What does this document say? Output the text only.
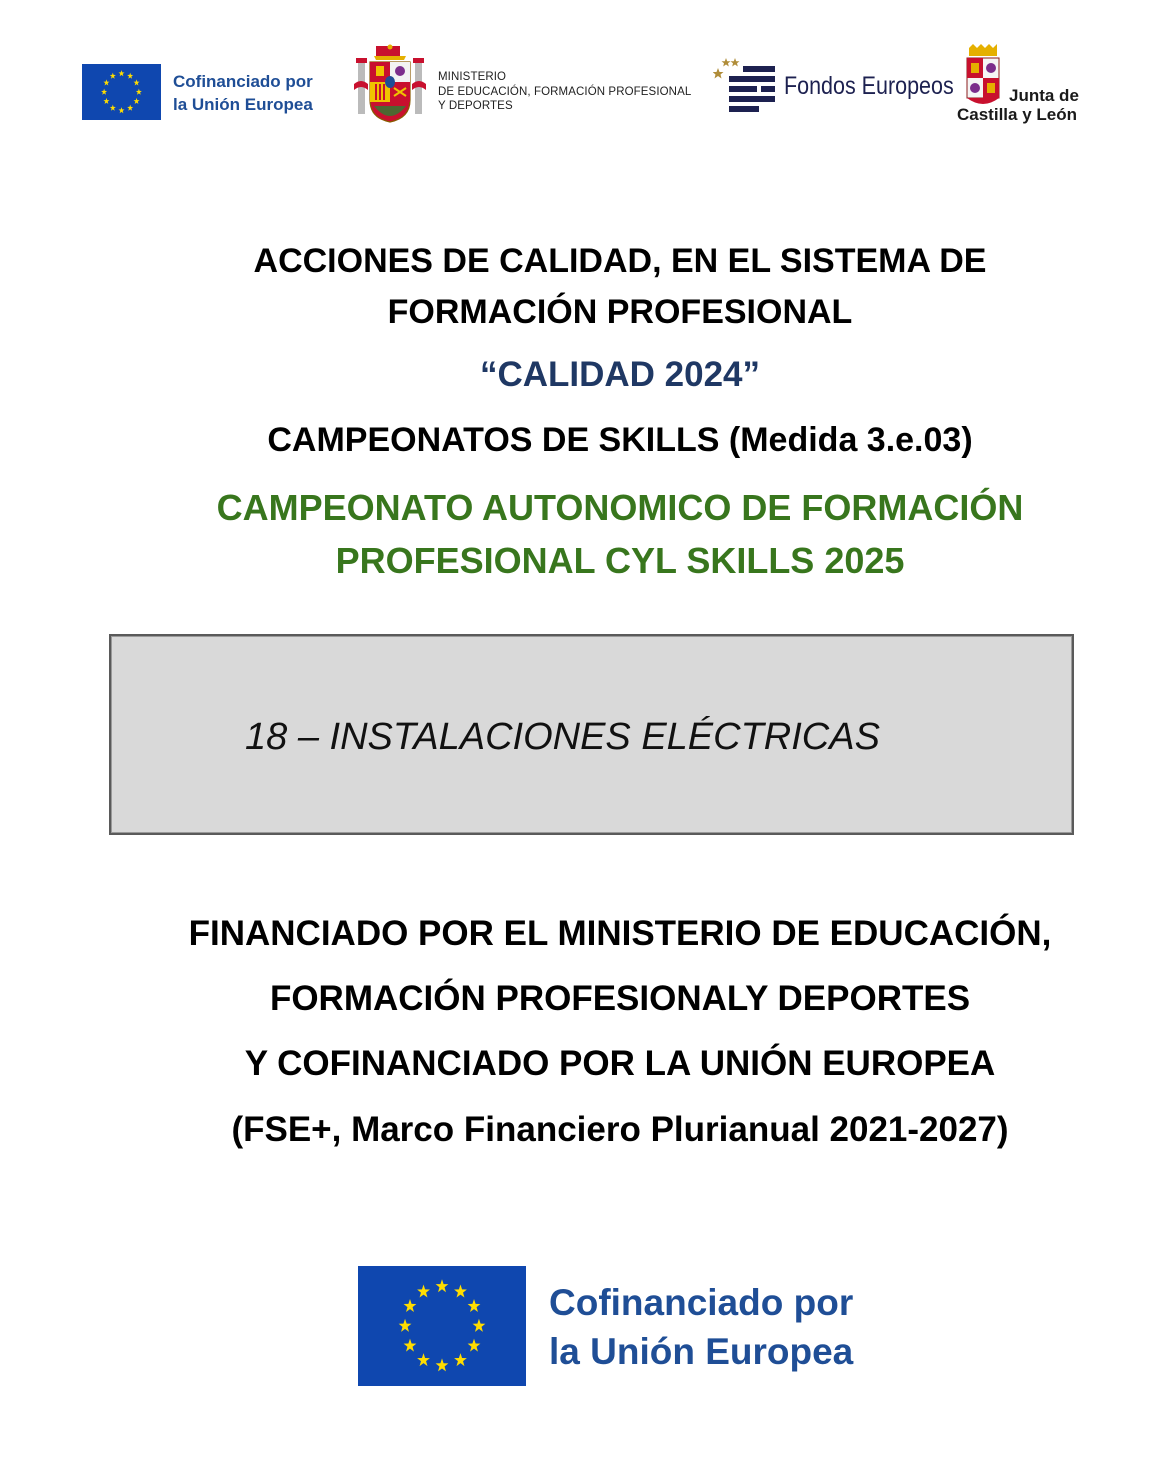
Cofinanciado por
la Unión Europea
MINISTERIO
DE EDUCACIÓN, FORMACIÓN PROFESIONAL
Y DEPORTES
Fondos Europeos	Junta de
Castilla y León
ACCIONES DE CALIDAD, EN EL SISTEMA DE
FORMACIÓN PROFESIONAL
“CALIDAD 2024”
CAMPEONATOS DE SKILLS (Medida 3.e.03)
CAMPEONATO AUTONOMICO DE FORMACIÓN
PROFESIONAL CYL SKILLS 2025
18 – INSTALACIONES ELÉCTRICAS
FINANCIADO POR EL MINISTERIO DE EDUCACIÓN,
FORMACIÓN PROFESIONALY DEPORTES
Y COFINANCIADO POR LA UNIÓN EUROPEA
(FSE+, Marco Financiero Plurianual 2021-2027)
Cofinanciado por
la Unión Europea
